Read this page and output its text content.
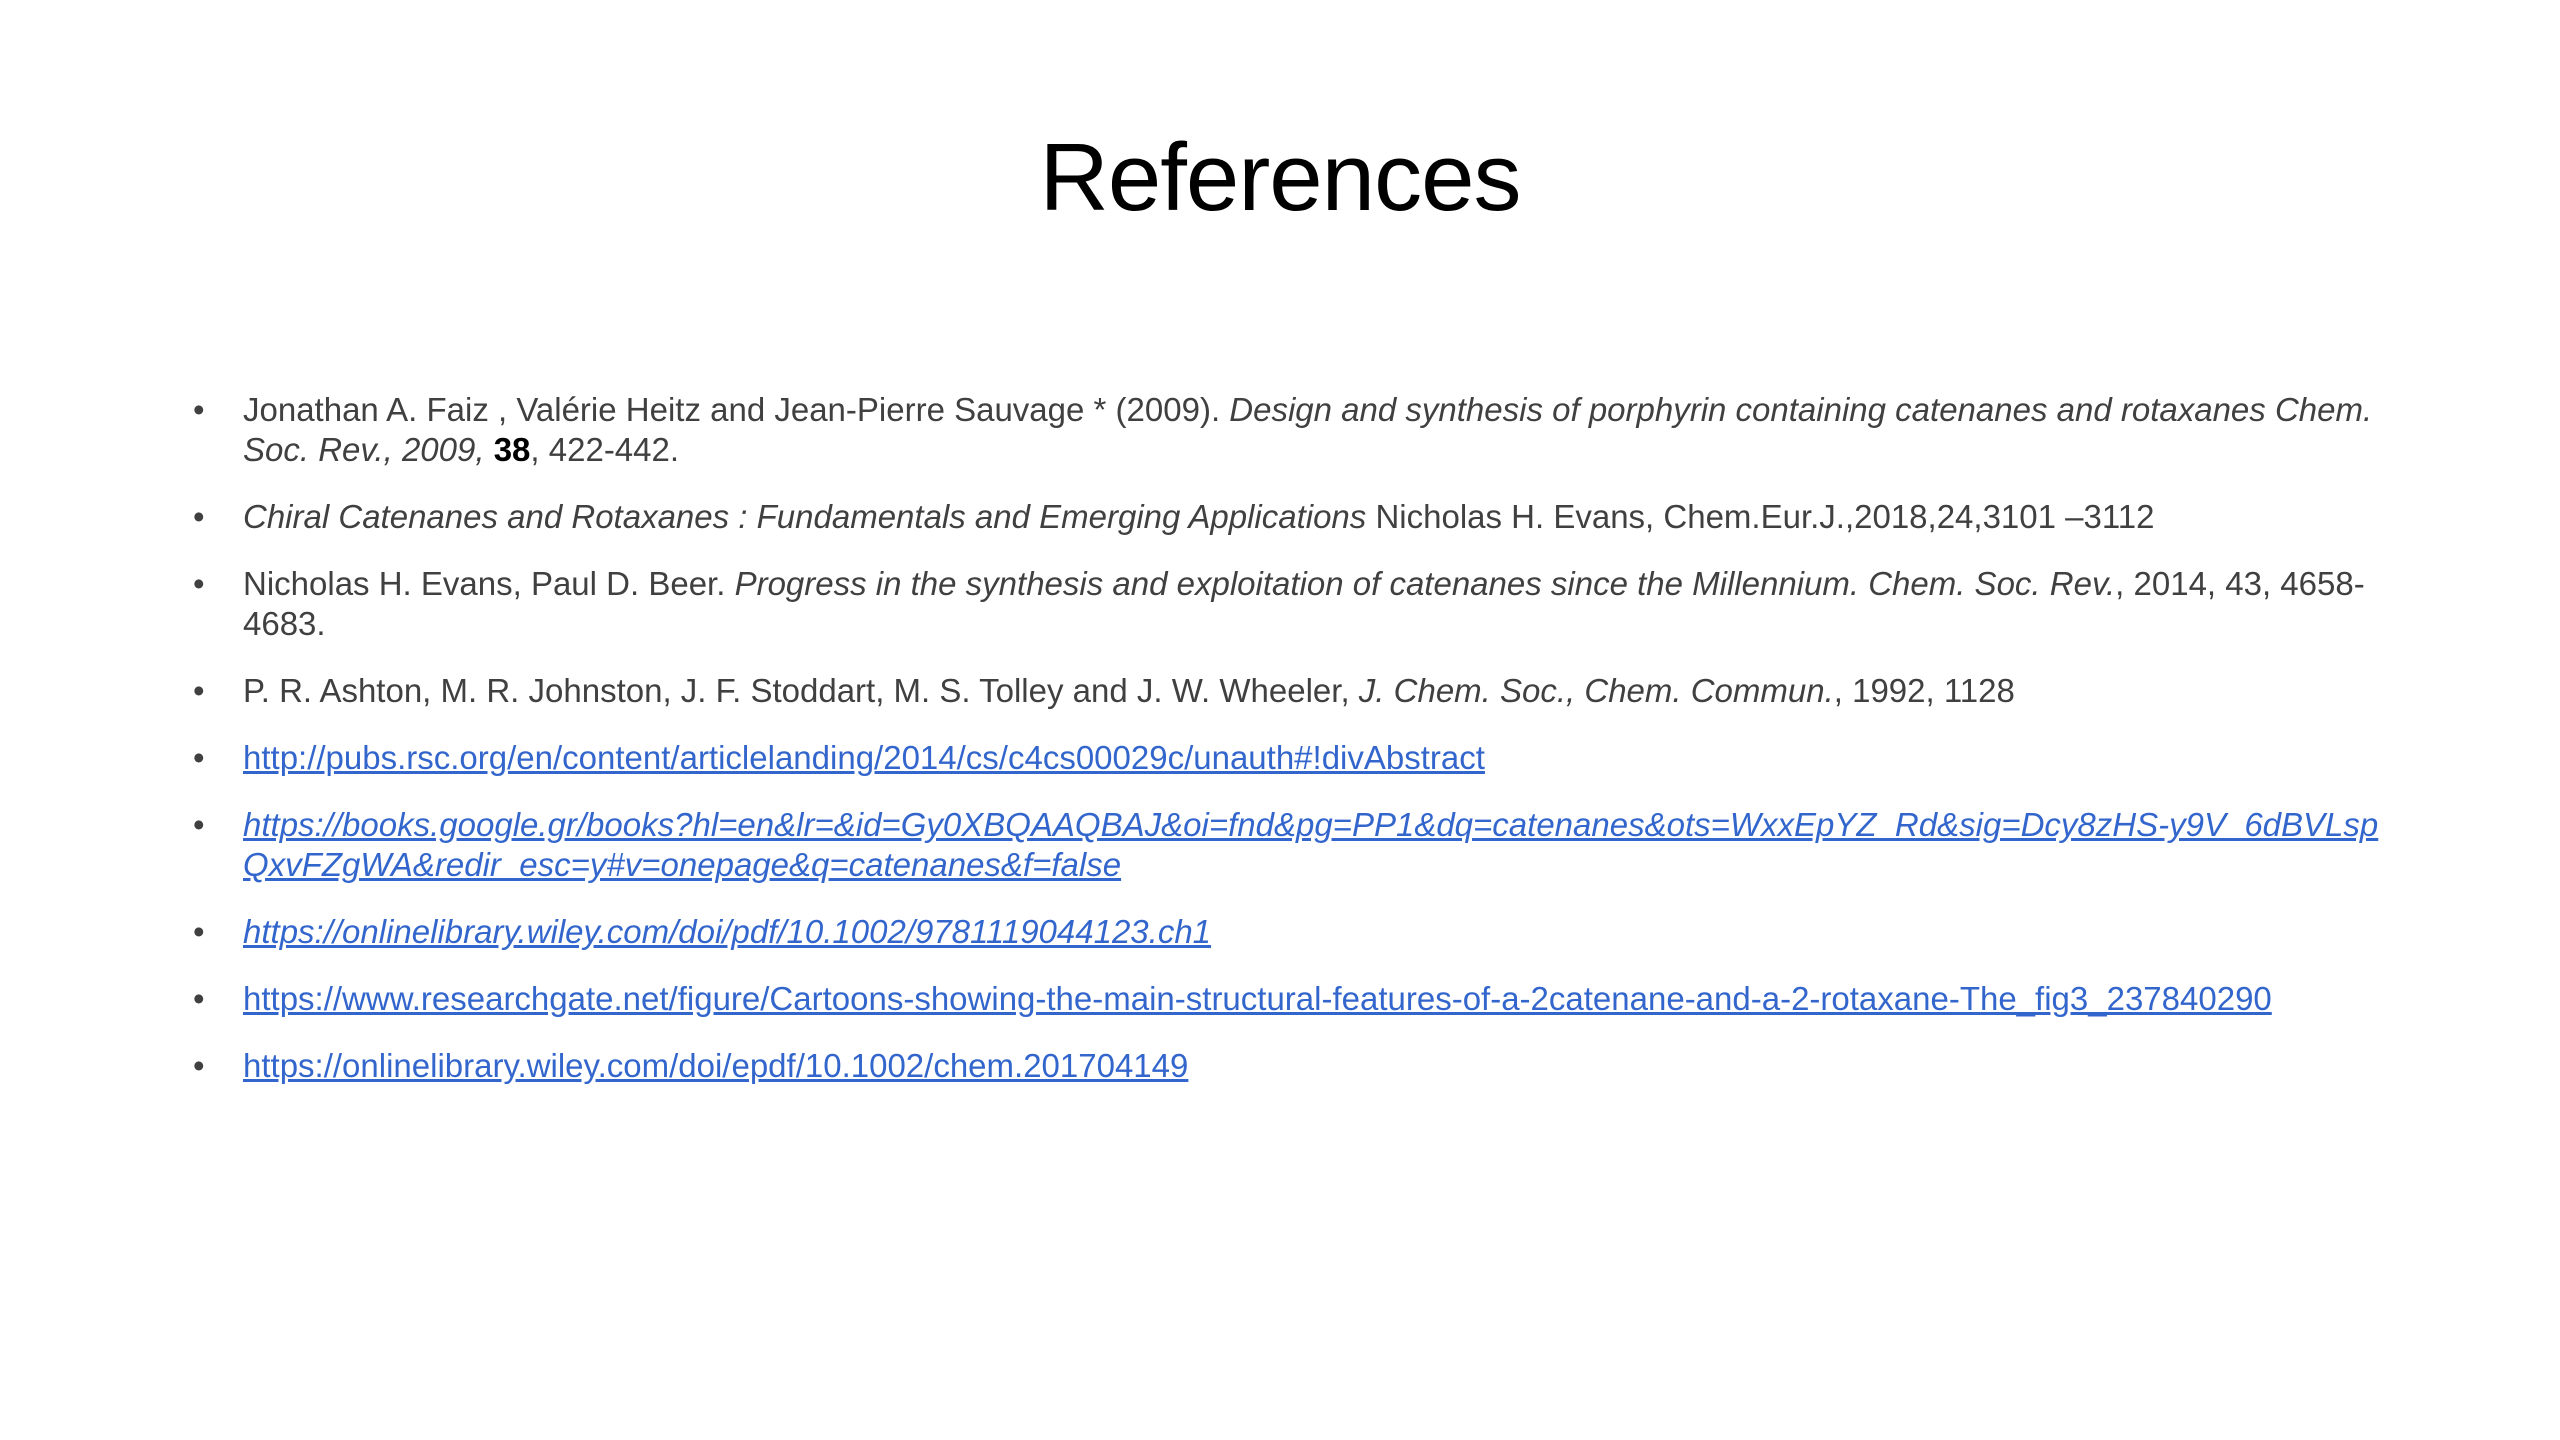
References
•	Jonathan A. Faiz , Valérie Heitz and Jean-Pierre Sauvage * (2009). Design and synthesis of porphyrin containing catenanes and rotaxanes Chem. Soc. Rev., 2009, 38, 422-442.
•	Chiral Catenanes and Rotaxanes : Fundamentals and Emerging Applications Nicholas H. Evans, Chem.Eur.J.,2018,24,3101 –3112
•	Nicholas H. Evans, Paul D. Beer. Progress in the synthesis and exploitation of catenanes since the Millennium. Chem. Soc. Rev., 2014, 43, 4658-4683.
•	P. R. Ashton, M. R. Johnston, J. F. Stoddart, M. S. Tolley and J. W. Wheeler, J. Chem. Soc., Chem. Commun., 1992, 1128
•	http://pubs.rsc.org/en/content/articlelanding/2014/cs/c4cs00029c/unauth#!divAbstract
•	https://books.google.gr/books?hl=en&lr=&id=Gy0XBQAAQBAJ&oi=fnd&pg=PP1&dq=catenanes&ots=WxxEpYZ_Rd&sig=Dcy8zHS-y9V_6dBVLspQxvFZgWA&redir_esc=y#v=onepage&q=catenanes&f=false
•	https://onlinelibrary.wiley.com/doi/pdf/10.1002/9781119044123.ch1
•	https://www.researchgate.net/figure/Cartoons-showing-the-main-structural-features-of-a-2catenane-and-a-2-rotaxane-The_fig3_237840290
•	https://onlinelibrary.wiley.com/doi/epdf/10.1002/chem.201704149
